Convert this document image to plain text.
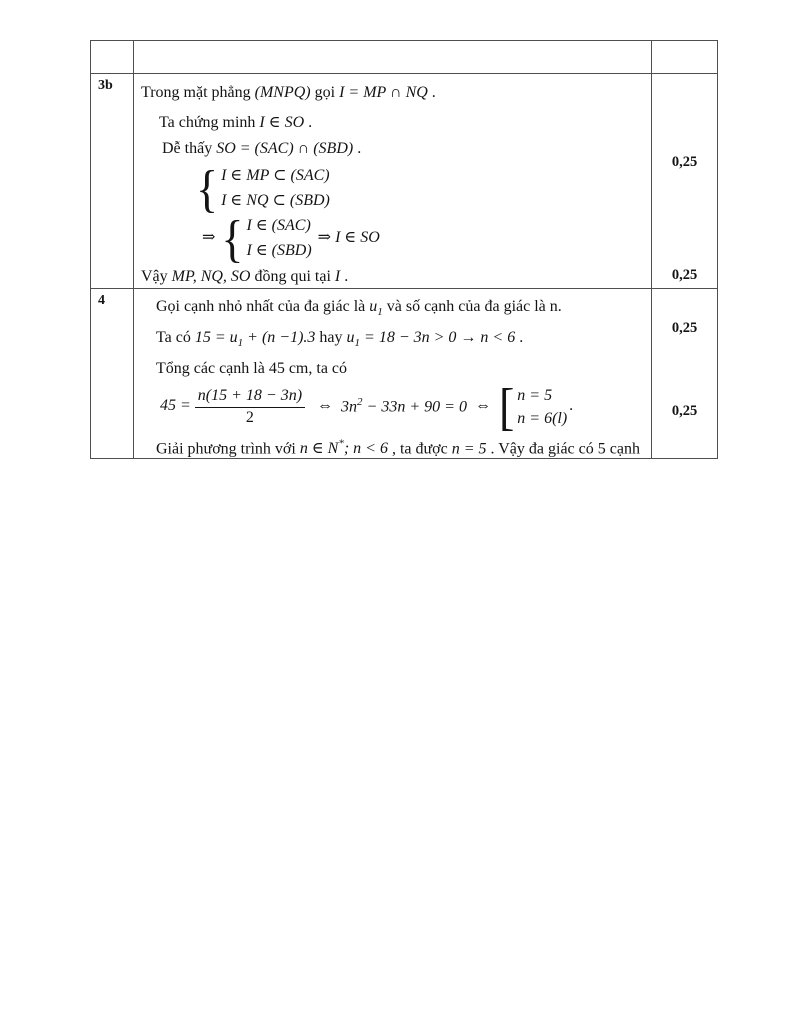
3b	Trong mặt phẳng (MNPQ) gọi I = MP ∩ NQ .
Ta chứng minh I ∈ SO .
Dễ thấy SO = (SAC) ∩ (SBD) .
{ I ∈ MP ⊂ (SAC)
I ∈ NQ ⊂ (SBD)
⇒ { I ∈ (SAC)
I ∈ (SBD)
⇒ I ∈ SO
Vậy MP, NQ, SO đồng qui tại I .
0,25
0,25
4	Gọi cạnh nhỏ nhất của đa giác là $u_1$ và số cạnh của đa giác là n.
Ta có $15 = u_1 + (n -1).3$ hay $u_1 = 18 - 3n > 0 \to n < 6$ .
Tổng các cạnh là 45 cm, ta có
$45 = \frac{n(15 + 18 - 3n)}{2}$ ⇔ $3n^2 - 33n + 90 = 0$ ⇔ [ n = 5
n = 6(l)
.
Giải phương trình với n ∈ N*; n < 6 , ta được n = 5 . Vậy đa giác có 5 cạnh
0,25
0,25
